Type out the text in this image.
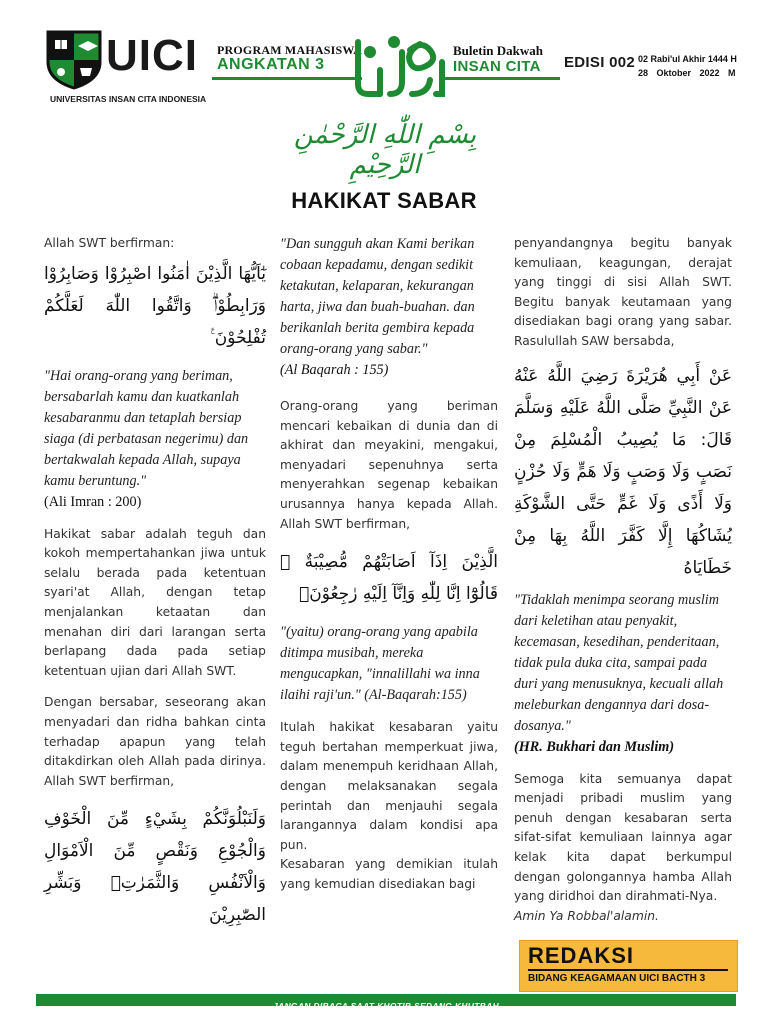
UICI
UNIVERSITAS INSAN CITA INDONESIA
PROGRAM MAHASISWA
ANGKATAN 3
Buletin Dakwah
INSAN CITA EDISI 002 02 Rabi'ul Akhir 1444 H
28 Oktober 2022 M
بِسْمِ اللّٰهِ الرَّحْمٰنِ الرَّحِيْمِ
HAKIKAT SABAR

Allah SWT berfirman:

يٰٓاَيُّهَا الَّذِيْنَ اٰمَنُوا اصْبِرُوْا وَصَابِرُوْا وَرَابِطُوْاۗ وَاتَّقُوا اللّٰهَ لَعَلَّكُمْ تُفْلِحُوْنَ ࣖ

"Hai orang-orang yang beriman, bersabarlah kamu dan kuatkanlah kesabaranmu dan tetaplah bersiap siaga (di perbatasan negerimu) dan bertakwalah kepada Allah, supaya kamu beruntung."

(Ali Imran : 200)

Hakikat sabar adalah teguh dan kokoh mempertahankan jiwa untuk selalu berada pada ketentuan syari'at Allah, dengan tetap menjalankan ketaatan dan menahan diri dari larangan serta berlapang dada pada setiap ketentuan ujian dari Allah SWT.

Dengan bersabar, seseorang akan menyadari dan ridha bahkan cinta terhadap apapun yang telah ditakdirkan oleh Allah pada dirinya. Allah SWT berfirman,

وَلَنَبْلُوَنَّكُمْ بِشَيْءٍ مِّنَ الْخَوْفِ وَالْجُوْعِ وَنَقْصٍ مِّنَ الْاَمْوَالِ وَالْاَنْفُسِ وَالثَّمَرٰتِۗ وَبَشِّرِ الصّٰبِرِيْنَ

"Dan sungguh akan Kami berikan cobaan kepadamu, dengan sedikit ketakutan, kelaparan, kekurangan harta, jiwa dan buah-buahan. dan berikanlah berita gembira kepada orang-orang yang sabar."

(Al Baqarah : 155)

Orang-orang yang beriman mencari kebaikan di dunia dan di akhirat dan meyakini, mengakui, menyadari sepenuhnya serta menyerahkan segenap kebaikan urusannya hanya kepada Allah. Allah SWT berfirman,

الَّذِيْنَ اِذَآ اَصَابَتْهُمْ مُّصِيْبَةٌ ۗ قَالُوْٓا اِنَّا لِلّٰهِ وَاِنَّآ اِلَيْهِ رٰجِعُوْنَۗ

"(yaitu) orang-orang yang apabila ditimpa musibah, mereka mengucapkan, "innalillahi wa inna ilaihi raji'un." (Al-Baqarah:155)

Itulah hakikat kesabaran yaitu teguh bertahan memperkuat jiwa, dalam menempuh keridhaan Allah, dengan melaksanakan segala perintah dan menjauhi segala larangannya dalam kondisi apa pun.

Kesabaran yang demikian itulah yang kemudian disediakan bagi

penyandangnya begitu banyak kemuliaan, keagungan, derajat yang tinggi di sisi Allah SWT. Begitu banyak keutamaan yang disediakan bagi orang yang sabar. Rasulullah SAW bersabda,

عَنْ أَبِي هُرَيْرَةَ رَضِيَ اللَّهُ عَنْهُ عَنْ النَّبِيِّ صَلَّى اللَّهُ عَلَيْهِ وَسَلَّمَ قَالَ: مَا يُصِيبُ الْمُسْلِمَ مِنْ نَصَبٍ وَلَا وَصَبٍ وَلَا هَمٍّ وَلَا حُزْنٍ وَلَا أَذًى وَلَا غَمٍّ حَتَّى الشَّوْكَةِ يُشَاكُهَا إِلَّا كَفَّرَ اللَّهُ بِهَا مِنْ خَطَايَاهُ

"Tidaklah menimpa seorang muslim dari keletihan atau penyakit, kecemasan, kesedihan, penderitaan, tidak pula duka cita, sampai pada duri yang menusuknya, kecuali allah meleburkan dengannya dari dosa-dosanya."

(HR. Bukhari dan Muslim)

Semoga kita semuanya dapat menjadi pribadi muslim yang penuh dengan kesabaran serta sifat-sifat kemuliaan lainnya agar kelak kita dapat berkumpul dengan golongannya hamba Allah yang diridhoi dan dirahmati-Nya.

Amin Ya Robbal'alamin.

REDAKSI
BIDANG KEAGAMAAN UICI BACTH 3
JANGAN DIBACA SAAT KHOTIB SEDANG KHUTBAH
